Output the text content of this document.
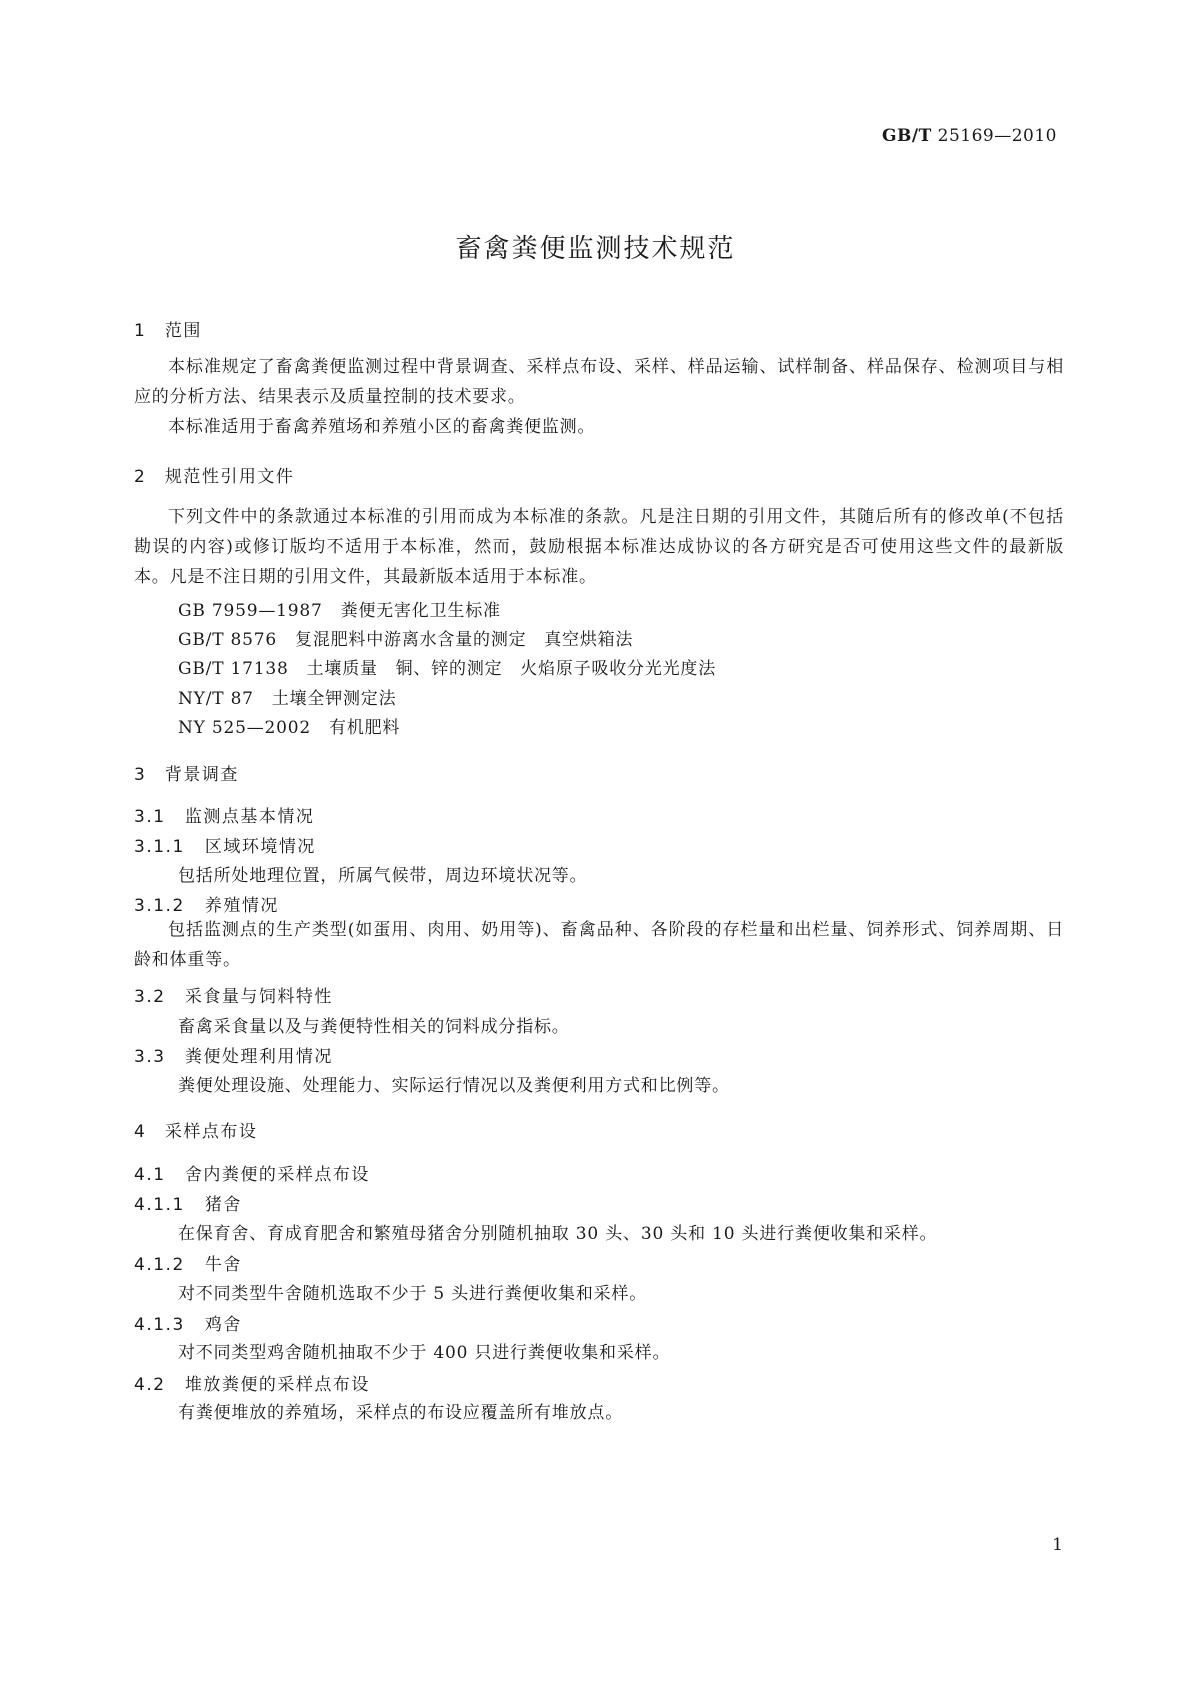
GB/T 25169—2010
畜禽粪便监测技术规范
1 范围
本标准规定了畜禽粪便监测过程中背景调查、采样点布设、采样、样品运输、试样制备、样品保存、检测项目与相应的分析方法、结果表示及质量控制的技术要求。
本标准适用于畜禽养殖场和养殖小区的畜禽粪便监测。
2 规范性引用文件
下列文件中的条款通过本标准的引用而成为本标准的条款。凡是注日期的引用文件，其随后所有的修改单(不包括勘误的内容)或修订版均不适用于本标准，然而，鼓励根据本标准达成协议的各方研究是否可使用这些文件的最新版本。凡是不注日期的引用文件，其最新版本适用于本标准。
GB 7959—1987 粪便无害化卫生标准
GB/T 8576 复混肥料中游离水含量的测定　真空烘箱法
GB/T 17138 土壤质量　铜、锌的测定　火焰原子吸收分光光度法
NY/T 87 土壤全钾测定法
NY 525—2002 有机肥料
3 背景调查
3.1 监测点基本情况
3.1.1 区域环境情况
包括所处地理位置，所属气候带，周边环境状况等。
3.1.2 养殖情况
包括监测点的生产类型(如蛋用、肉用、奶用等)、畜禽品种、各阶段的存栏量和出栏量、饲养形式、饲养周期、日龄和体重等。
3.2 采食量与饲料特性
畜禽采食量以及与粪便特性相关的饲料成分指标。
3.3 粪便处理利用情况
粪便处理设施、处理能力、实际运行情况以及粪便利用方式和比例等。
4 采样点布设
4.1 舍内粪便的采样点布设
4.1.1 猪舍
在保育舍、育成育肥舍和繁殖母猪舍分别随机抽取 30 头、30 头和 10 头进行粪便收集和采样。
4.1.2 牛舍
对不同类型牛舍随机选取不少于 5 头进行粪便收集和采样。
4.1.3 鸡舍
对不同类型鸡舍随机抽取不少于 400 只进行粪便收集和采样。
4.2 堆放粪便的采样点布设
有粪便堆放的养殖场，采样点的布设应覆盖所有堆放点。
1
